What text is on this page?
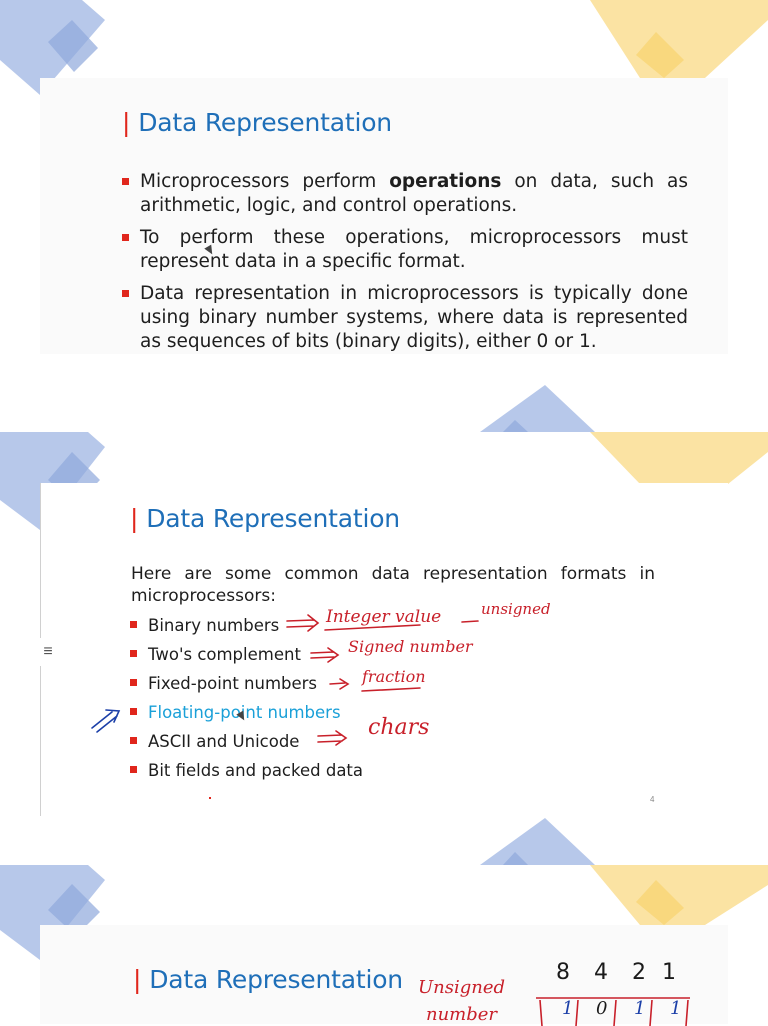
| Data Representation
Microprocessors perform operations on data, such as arithmetic, logic, and control operations.
To perform these operations, microprocessors must represent data in a specific format.
Data representation in microprocessors is typically done using binary number systems, where data is represented as sequences of bits (binary digits), either 0 or 1.
| Data Representation
Here are some common data representation formats in microprocessors:
Binary numbers
Two's complement
Fixed-point numbers
Floating-point numbers
ASCII and Unicode
Bit fields and packed data
Integer value	unsigned
Signed number
fraction
chars
4
≡
| Data Representation Unsigned
number
8 4 2 1
1 0 1 1
